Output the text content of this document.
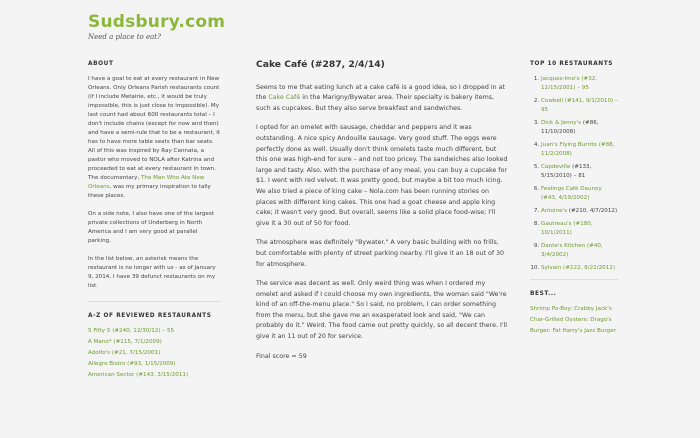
Sudsbury.com
Need a place to eat?
ABOUT

I have a goal to eat at every restaurant in New Orleans. Only Orleans Parish restaurants count (if I include Metairie, etc., it would be truly impossible, this is just close to impossible). My last count had about 600 restaurants total – I don't include chains (except for now and then) and have a semi-rule that to be a restaurant, it has to have more table seats than bar seats. All of this was inspired by Ray Cannata, a pastor who moved to NOLA after Katrina and proceeded to eat at every restaurant in town. The documentary, The Man Who Ate New Orleans, was my primary inspiration to tally these places.

On a side note, I also have one of the largest private collections of Underberg in North America and I am very good at parallel parking.

In the list below, an asterisk means the restaurant is no longer with us - as of January 9, 2014, I have 39 defunct restaurants on my list.

A-Z OF REVIEWED RESTAURANTS
5 Fifty 5 (#240, 12/30/12) – 55
A Mano* (#115, 7/1/2009)
Adolfo's (#21, 7/15/2001)
Allegro Bistro (#93, 1/15/2009)
American Sector (#143, 3/15/2011)
Cake Café (#287, 2/4/14)

Seems to me that eating lunch at a cake café is a good idea, so I dropped in at the Cake Café in the Marigny/Bywater area. Their specialty is bakery items, such as cupcakes. But they also serve breakfast and sandwiches.

I opted for an omelet with sausage, cheddar and peppers and it was outstanding. A nice spicy Andouille sausage. Very good stuff. The eggs were perfectly done as well. Usually don't think omelets taste much different, but this one was high-end for sure – and not too pricey. The sandwiches also looked large and tasty. Also, with the purchase of any meal, you can buy a cupcake for $1. I went with red velvet. It was pretty good, but maybe a bit too much icing. We also tried a piece of king cake – Nola.com has been running stories on places with different king cakes. This one had a goat cheese and apple king cake; it wasn't very good. But overall, seems like a solid place food-wise; I'll give it a 30 out of 50 for food.

The atmosphere was definitely "Bywater." A very basic building with no frills, but comfortable with plenty of street parking nearby. I'll give it an 18 out of 30 for atmosphere.

The service was decent as well. Only weird thing was when I ordered my omelet and asked if I could choose my own ingredients, the woman said "We're kind of an off-the-menu place." So I said, no problem, I can order something from the menu, but she gave me an exasperated look and said, "We can probably do it." Weird. The food came out pretty quickly, so all decent there. I'll give it an 11 out of 20 for service.

Final score = 59

TOP 10 RESTAURANTS
1. Jacques-Imo's (#32, 12/15/2001) – 95
2. Cowbell (#141, 9/1/2010) – 95
3. Dick & Jenny's (#86, 11/10/2008)
4. Juan's Flying Burrito (#88, 11/2/2008)
5. Capdeville (#133, 5/15/2010) – 81
6. Feelings Café Daunoy (#43, 4/19/2002)
7. Antoine's (#210, 4/7/2012)
8. Gautreau's (#180, 10/1/2011)
9. Dante's Kitchen (#40, 3/4/2002)
10. Sylvain (#222, 8/22/2012)
BEST...
Shrimp Po-Boy: Crabby Jack's
Char-Grilled Oysters: Drago's
Burger: Fat Harry's Jazz Burger
